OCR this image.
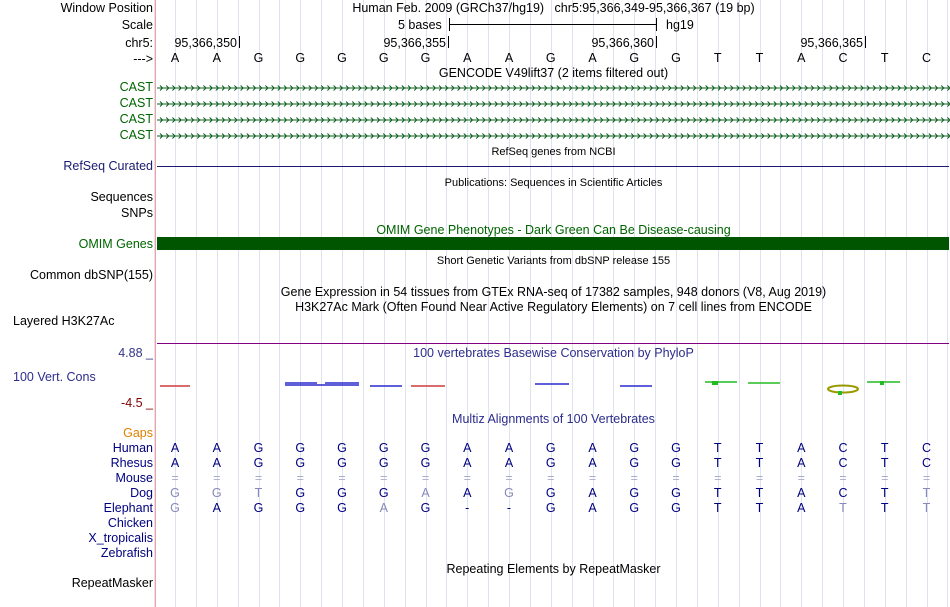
Window Position
Scale
chr5:
--->
Human Feb. 2009 (GRCh37/hg19) chr5:95,366,349-95,366,367 (19 bp)
5 bases	hg19
95,366,350	95,366,355	95,366,360	95,366,365
A	A	G	G	G	G	G	A	A	G	A	G	G	T	T	A	C	T	C
GENCODE V49lift37 (2 items filtered out)
CAST
CAST
CAST
CAST
RefSeq genes from NCBI
RefSeq Curated
Publications: Sequences in Scientific Articles
Sequences
SNPs
OMIM Gene Phenotypes - Dark Green Can Be Disease-causing
OMIM Genes
Short Genetic Variants from dbSNP release 155
Common dbSNP(155)
Gene Expression in 54 tissues from GTEx RNA-seq of 17382 samples, 948 donors (V8, Aug 2019)
H3K27Ac Mark (Often Found Near Active Regulatory Elements) on 7 cell lines from ENCODE
Layered H3K27Ac
4.88 _	100 vertebrates Basewise Conservation by PhyloP
100 Vert. Cons
-4.5 _
Multiz Alignments of 100 Vertebrates
Gaps
Human	A	A	G	G	G	G	G	A	A	G	A	G	G	T	T	A	C	T	C
Rhesus	A	A	G	G	G	G	G	A	A	G	A	G	G	T	T	A	C	T	C
Mouse	=	=	=	=	=	=	=	=	=	=	=	=	=	=	=	=	=	=	=
Dog	G	G	T	G	G	G	A	A	G	G	A	G	G	T	T	A	C	T	T
Elephant	G	A	G	G	G	A	G	-	-	G	A	G	G	T	T	A	T	T	T
Chicken
X_tropicalis
Zebrafish
Repeating Elements by RepeatMasker
RepeatMasker
